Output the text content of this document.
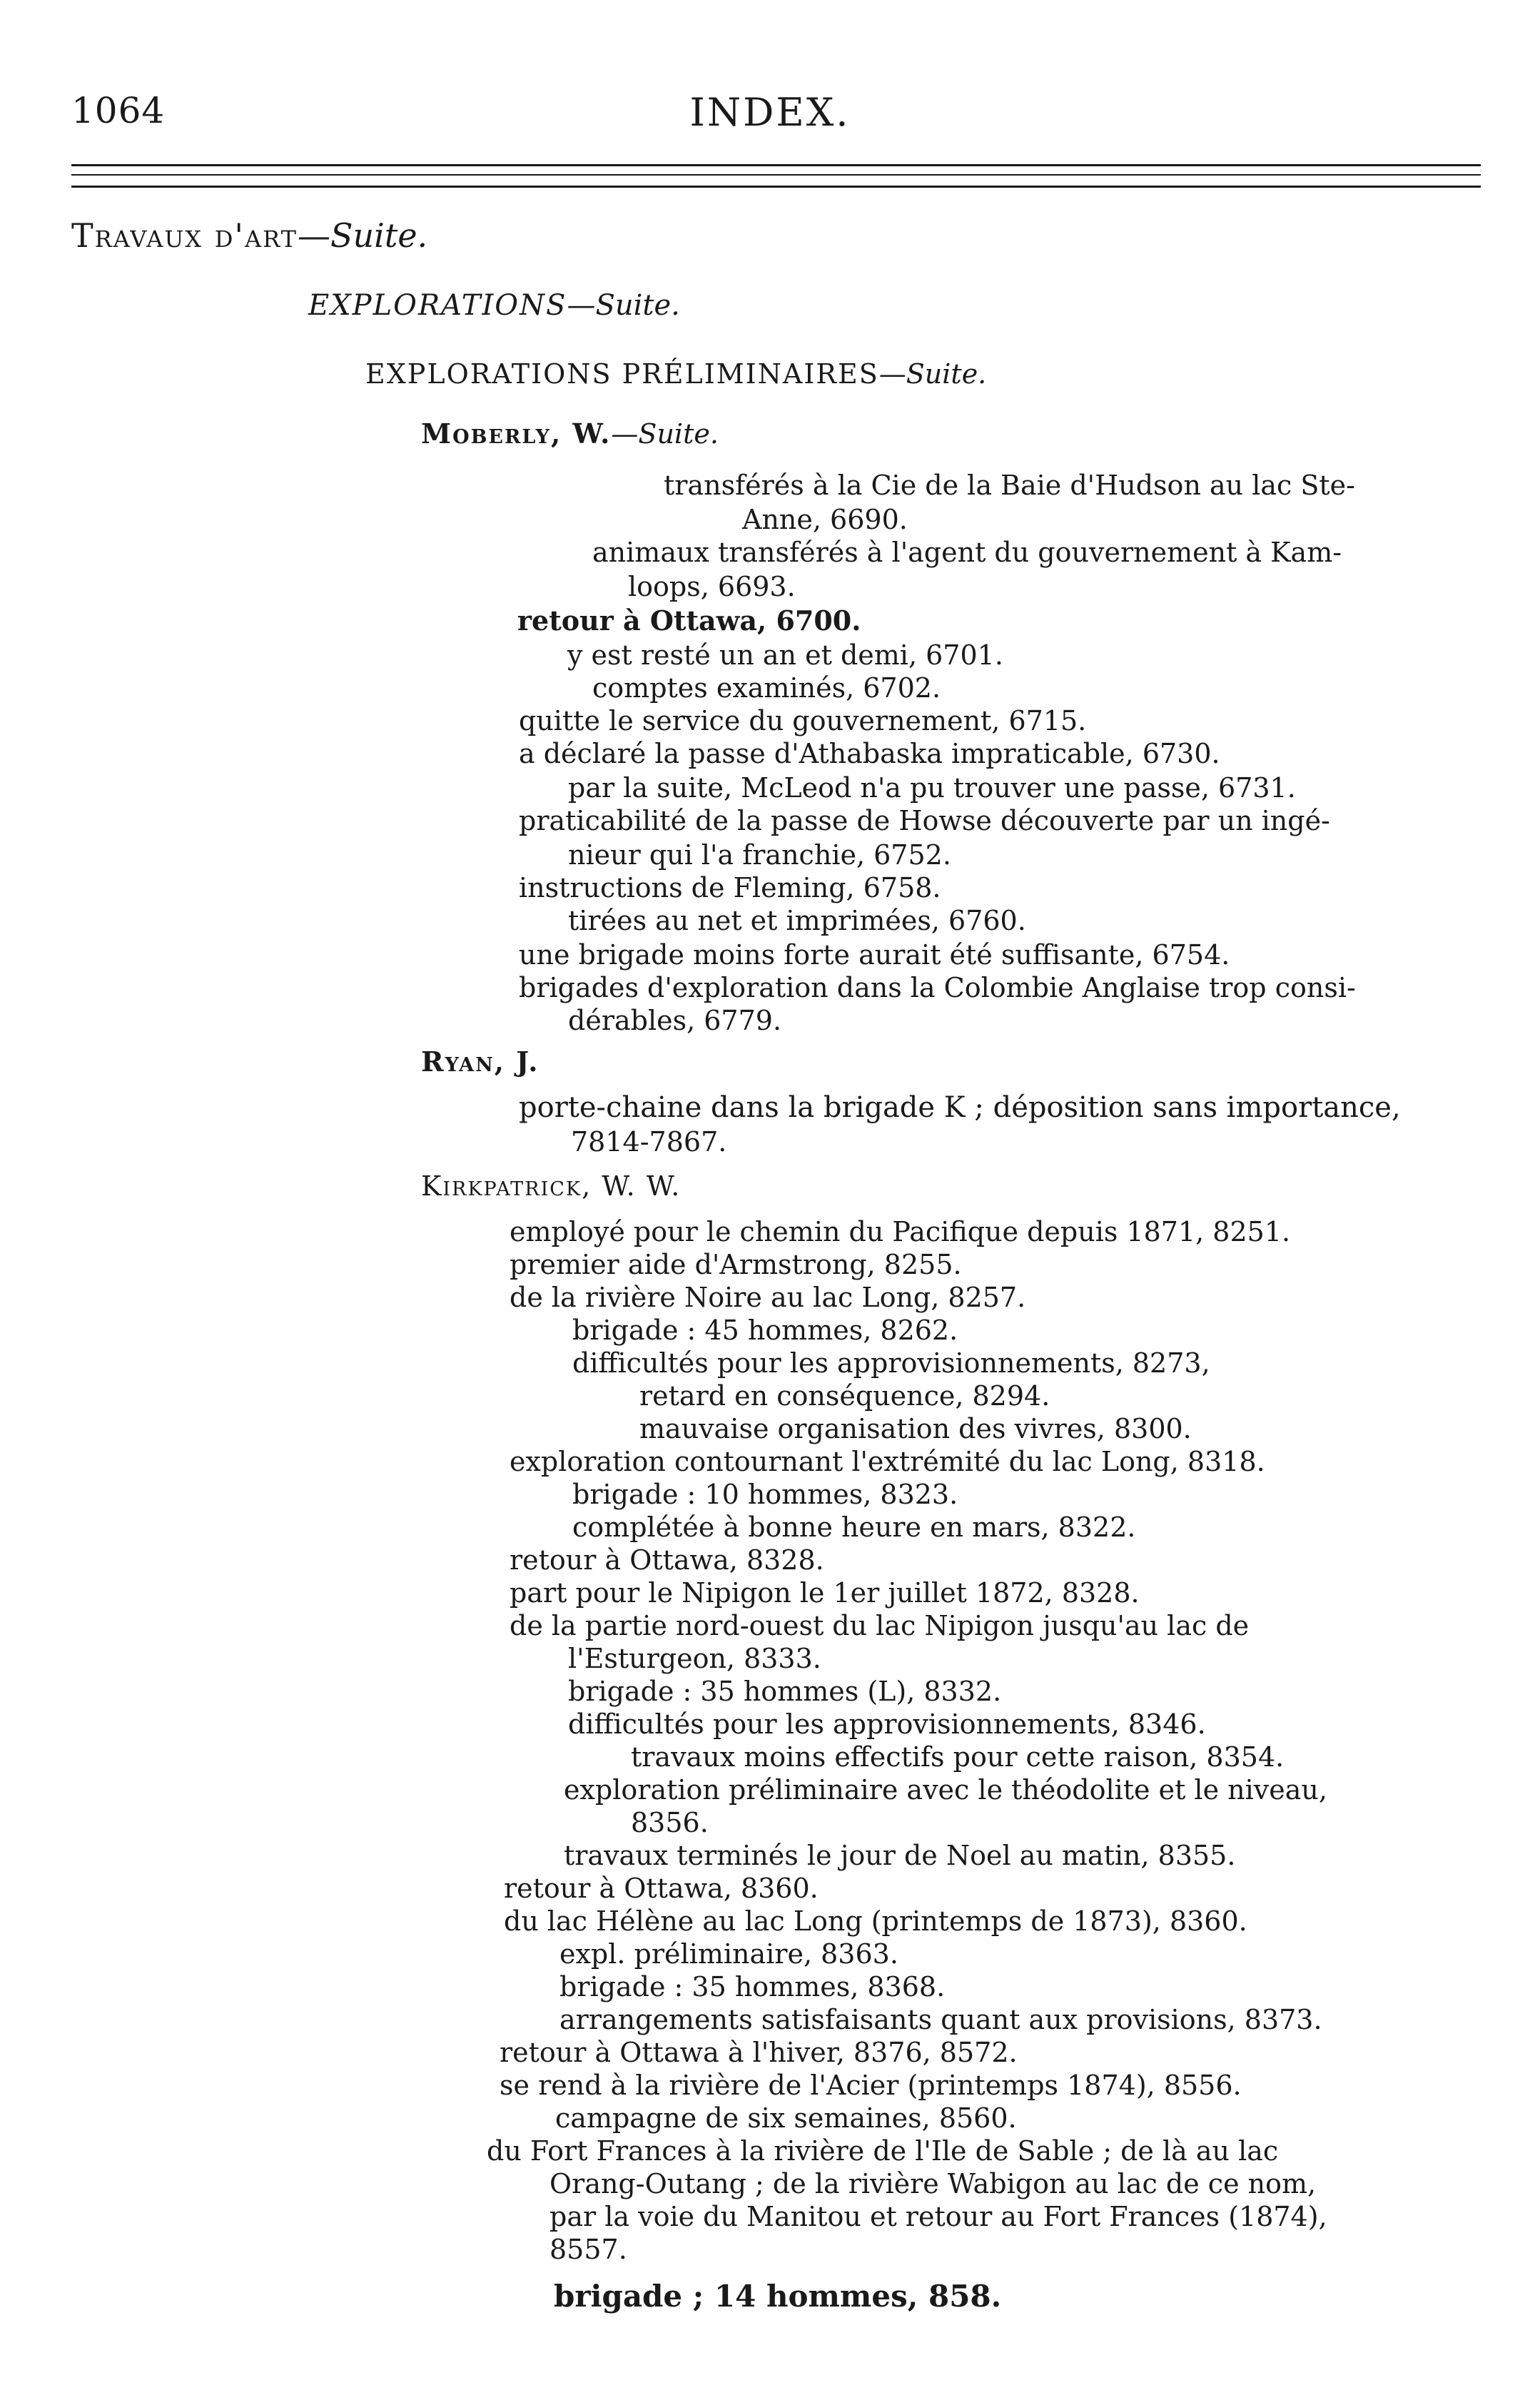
1064	INDEX.
Travaux d'art—Suite.
EXPLORATIONS—Suite.
EXPLORATIONS PRÉLIMINAIRES—Suite.
Moberly, W.—Suite.
transférés à la Cie de la Baie d'Hudson au lac Ste-
Anne, 6690.
animaux transférés à l'agent du gouvernement à Kam-
loops, 6693.
retour à Ottawa, 6700.
y est resté un an et demi, 6701.
comptes examinés, 6702.
quitte le service du gouvernement, 6715.
a déclaré la passe d'Athabaska impraticable, 6730.
par la suite, McLeod n'a pu trouver une passe, 6731.
praticabilité de la passe de Howse découverte par un ingé-
nieur qui l'a franchie, 6752.
instructions de Fleming, 6758.
tirées au net et imprimées, 6760.
une brigade moins forte aurait été suffisante, 6754.
brigades d'exploration dans la Colombie Anglaise trop consi-
dérables, 6779.
Ryan, J.
porte-chaine dans la brigade K ; déposition sans importance,
7814-7867.
Kirkpatrick, W. W.
employé pour le chemin du Pacifique depuis 1871, 8251.
premier aide d'Armstrong, 8255.
de la rivière Noire au lac Long, 8257.
brigade : 45 hommes, 8262.
difficultés pour les approvisionnements, 8273,
retard en conséquence, 8294.
mauvaise organisation des vivres, 8300.
exploration contournant l'extrémité du lac Long, 8318.
brigade : 10 hommes, 8323.
complétée à bonne heure en mars, 8322.
retour à Ottawa, 8328.
part pour le Nipigon le 1er juillet 1872, 8328.
de la partie nord-ouest du lac Nipigon jusqu'au lac de
l'Esturgeon, 8333.
brigade : 35 hommes (L), 8332.
difficultés pour les approvisionnements, 8346.
travaux moins effectifs pour cette raison, 8354.
exploration préliminaire avec le théodolite et le niveau,
8356.
travaux terminés le jour de Noel au matin, 8355.
retour à Ottawa, 8360.
du lac Hélène au lac Long (printemps de 1873), 8360.
expl. préliminaire, 8363.
brigade : 35 hommes, 8368.
arrangements satisfaisants quant aux provisions, 8373.
retour à Ottawa à l'hiver, 8376, 8572.
se rend à la rivière de l'Acier (printemps 1874), 8556.
campagne de six semaines, 8560.
du Fort Frances à la rivière de l'Ile de Sable ; de là au lac
Orang-Outang ; de la rivière Wabigon au lac de ce nom,
par la voie du Manitou et retour au Fort Frances (1874),
8557.
brigade ; 14 hommes, 858.
